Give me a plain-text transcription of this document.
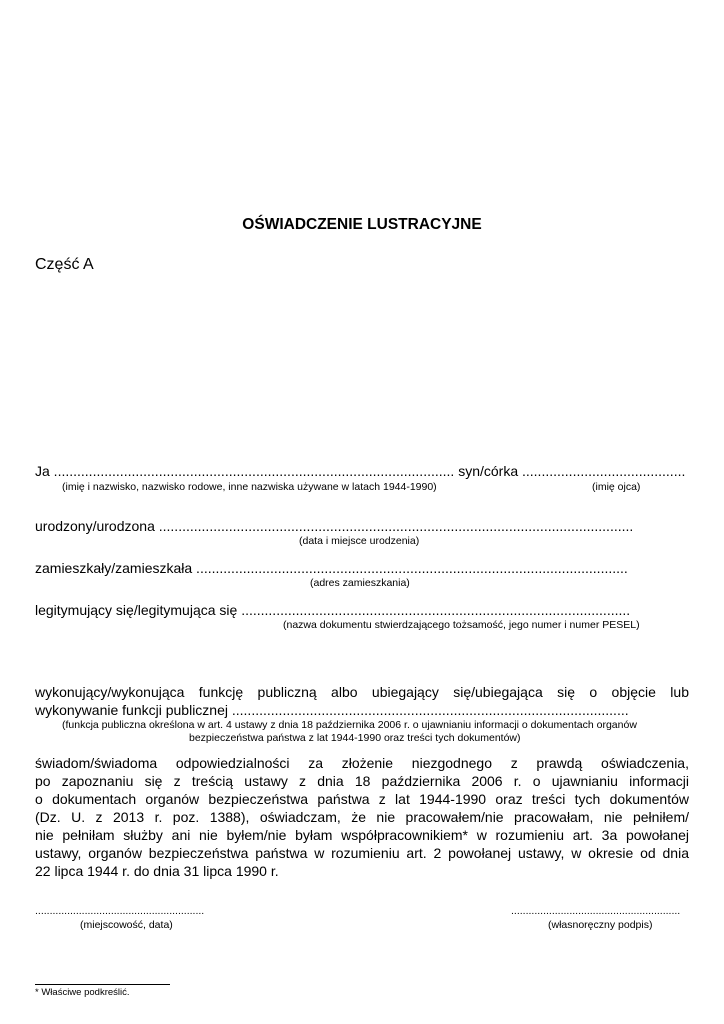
OŚWIADCZENIE LUSTRACYJNE
Część A
Ja ....................................................................................................... syn/córka ..........................................
(imię i nazwisko, nazwisko rodowe, inne nazwiska używane w latach 1944-1990)	(imię ojca)
urodzony/urodzona ..........................................................................................................................
(data i miejsce urodzenia)
zamieszkały/zamieszkała ...............................................................................................................
(adres zamieszkania)
legitymujący się/legitymująca się ....................................................................................................
(nazwa dokumentu stwierdzającego tożsamość, jego numer i numer PESEL)
wykonujący/wykonująca funkcję publiczną albo ubiegający się/ubiegająca się o objęcie lub
wykonywanie funkcji publicznej ......................................................................................................
(funkcja publiczna określona w art. 4 ustawy z dnia 18 października 2006 r. o ujawnianiu informacji o dokumentach organów
bezpieczeństwa państwa z lat 1944-1990 oraz treści tych dokumentów)
świadom/świadoma odpowiedzialności za złożenie niezgodnego z prawdą oświadczenia,
po zapoznaniu się z treścią ustawy z dnia 18 października 2006 r. o ujawnianiu informacji
o dokumentach organów bezpieczeństwa państwa z lat 1944-1990 oraz treści tych dokumentów
(Dz. U. z 2013 r. poz. 1388), oświadczam, że nie pracowałem/nie pracowałam, nie pełniłem/
nie pełniłam służby ani nie byłem/nie byłam współpracownikiem* w rozumieniu art. 3a powołanej
ustawy, organów bezpieczeństwa państwa w rozumieniu art. 2 powołanej ustawy, w okresie od dnia
22 lipca 1944 r. do dnia 31 lipca 1990 r.
..........................................................
(miejscowość, data)
..........................................................
(własnoręczny podpis)
* Właściwe podkreślić.
